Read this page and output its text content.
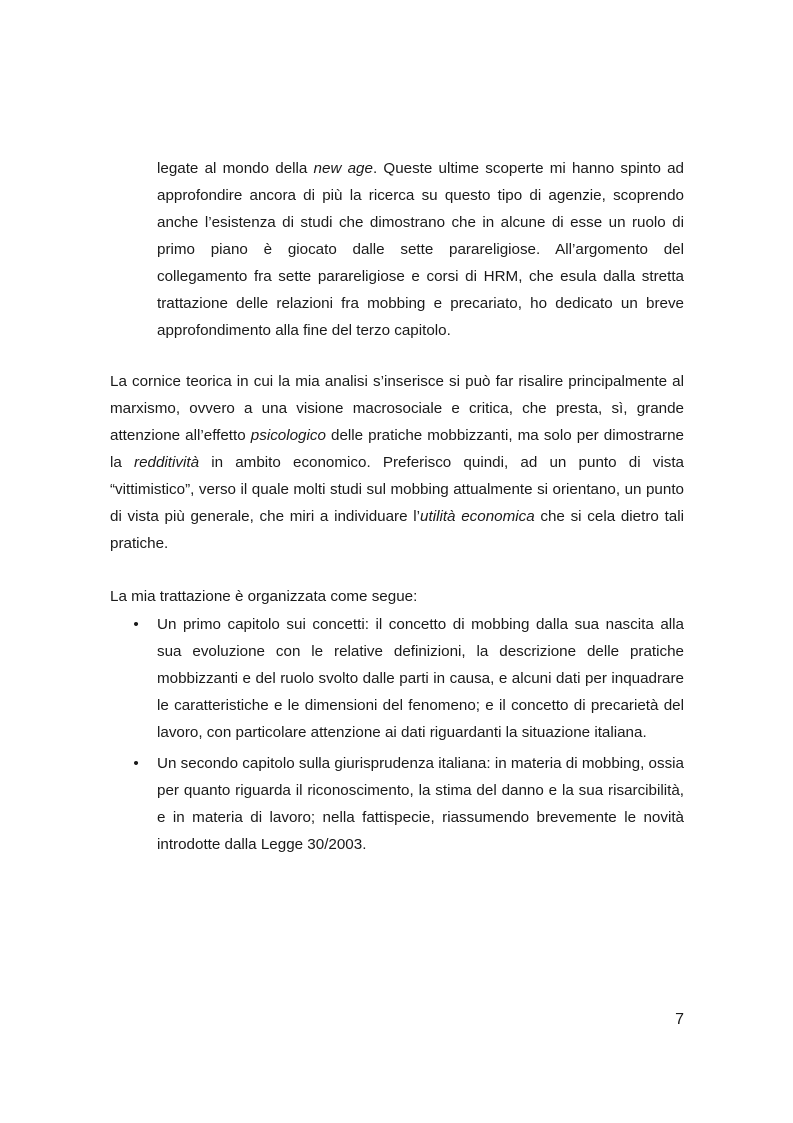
legate al mondo della new age. Queste ultime scoperte mi hanno spinto ad approfondire ancora di più la ricerca su questo tipo di agenzie, scoprendo anche l’esistenza di studi che dimostrano che in alcune di esse un ruolo di primo piano è giocato dalle sette parareligiose. All’argomento del collegamento fra sette parareligiose e corsi di HRM, che esula dalla stretta trattazione delle relazioni fra mobbing e precariato, ho dedicato un breve approfondimento alla fine del terzo capitolo.

La cornice teorica in cui la mia analisi s’inserisce si può far risalire principalmente al marxismo, ovvero a una visione macrosociale e critica, che presta, sì, grande attenzione all’effetto psicologico delle pratiche mobbizzanti, ma solo per dimostrarne la redditività in ambito economico. Preferisco quindi, ad un punto di vista “vittimistico”, verso il quale molti studi sul mobbing attualmente si orientano, un punto di vista più generale, che miri a individuare l’utilità economica che si cela dietro tali pratiche.

La mia trattazione è organizzata come segue:

• Un primo capitolo sui concetti: il concetto di mobbing dalla sua nascita alla sua evoluzione con le relative definizioni, la descrizione delle pratiche mobbizzanti e del ruolo svolto dalle parti in causa, e alcuni dati per inquadrare le caratteristiche e le dimensioni del fenomeno; e il concetto di precarietà del lavoro, con particolare attenzione ai dati riguardanti la situazione italiana.
• Un secondo capitolo sulla giurisprudenza italiana: in materia di mobbing, ossia per quanto riguarda il riconoscimento, la stima del danno e la sua risarcibilità, e in materia di lavoro; nella fattispecie, riassumendo brevemente le novità introdotte dalla Legge 30/2003.
7
